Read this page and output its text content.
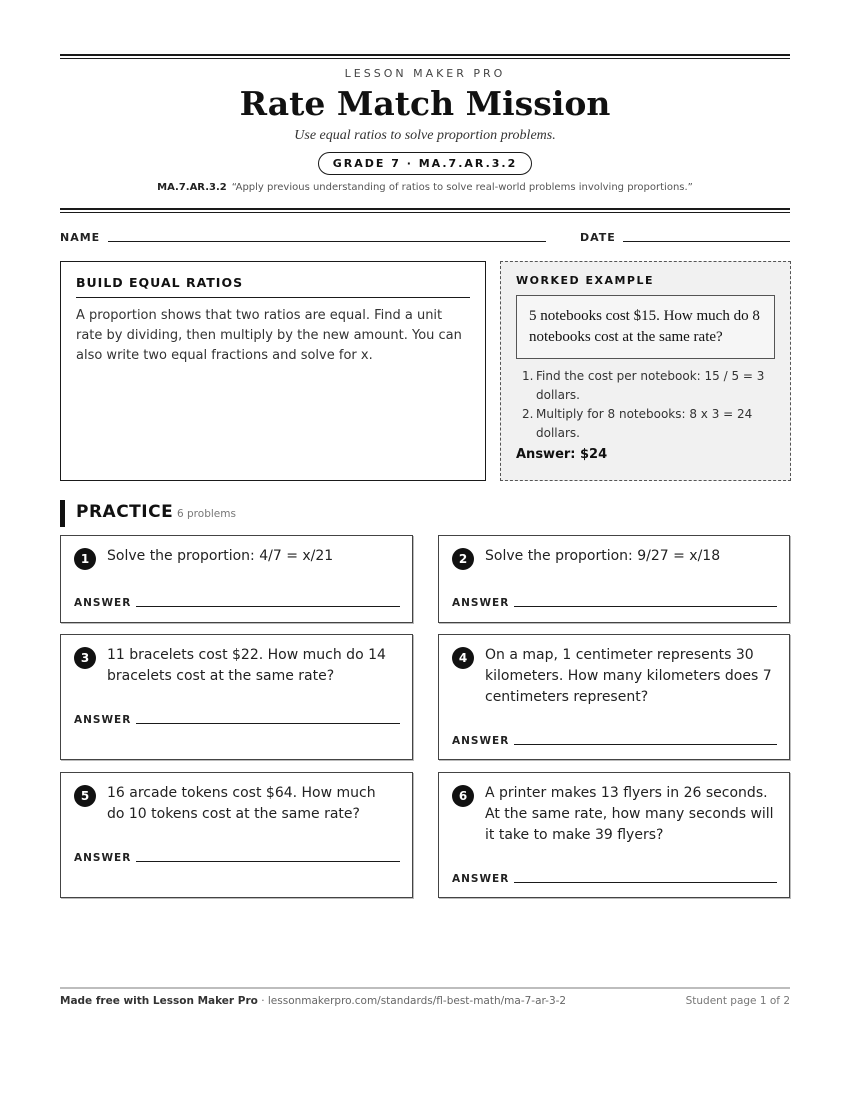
LESSON MAKER PRO
Rate Match Mission
Use equal ratios to solve proportion problems.
GRADE 7 · MA.7.AR.3.2
MA.7.AR.3.2 “Apply previous understanding of ratios to solve real-world problems involving proportions.”
NAME	DATE
BUILD EQUAL RATIOS
A proportion shows that two ratios are equal. Find a unit rate by dividing, then multiply by the new amount. You can also write two equal fractions and solve for x.
WORKED EXAMPLE
5 notebooks cost $15. How much do 8 notebooks cost at the same rate?
1. Find the cost per notebook: 15 / 5 = 3 dollars.
2. Multiply for 8 notebooks: 8 x 3 = 24 dollars.
Answer: $24
PRACTICE 6 problems
1	Solve the proportion: 4/7 = x/21
ANSWER
2	Solve the proportion: 9/27 = x/18
ANSWER
3	11 bracelets cost $22. How much do 14 bracelets cost at the same rate?
ANSWER
4	On a map, 1 centimeter represents 30 kilometers. How many kilometers does 7 centimeters represent?
ANSWER
5	16 arcade tokens cost $64. How much do 10 tokens cost at the same rate?
ANSWER
6	A printer makes 13 flyers in 26 seconds. At the same rate, how many seconds will it take to make 39 flyers?
ANSWER
Made free with Lesson Maker Pro · lessonmakerpro.com/standards/fl-best-math/ma-7-ar-3-2	Student page 1 of 2
